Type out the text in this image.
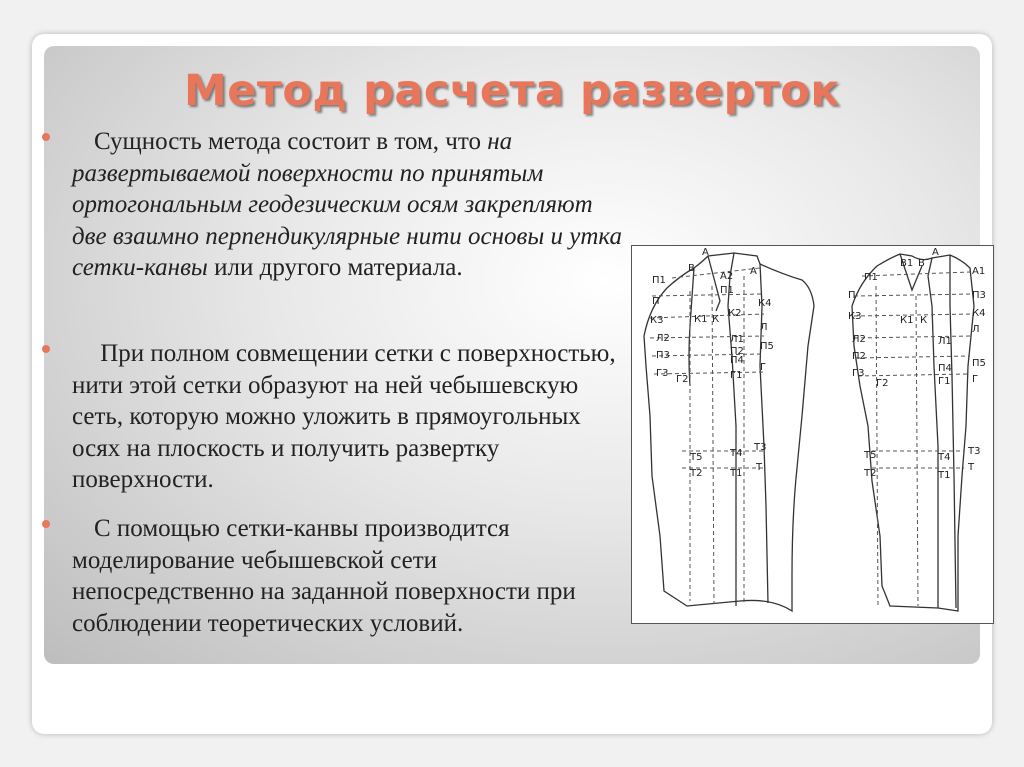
Метод расчета разверток
Сущность метода состоит в том, что на развертываемой поверхности по принятым ортогональным геодезическим осям закрепляют две взаимно перпендикулярные нити основы и утка сетки-канвы или другого материала.
При полном совмещении сетки с поверхностью, нити этой сетки образуют на ней чебышевскую сеть, которую можно уложить в прямоугольных осях на плоскость и получить развертку поверхности.
С помощью сетки-канвы производится моделирование чебышевской сети непосредственно на заданной поверхности при соблюдении теоретических условий.
А
В
А2 А
П1
П1
П	К4
К3	К1 К
К2
Л
Л2	Л1
П5
П3	П2
П4
Г3
Г2	Г1
Г
Т3
Т5	Т4
Т
Т2	Т1
А
В1 В
А1
П1
П	П3
К4
К3	К1 К
Л
Л2	Л1
П2
П5
Г3	П4
Г
Г2	Г1
Т5	Т3
Т4
Т2
Т
Т1
